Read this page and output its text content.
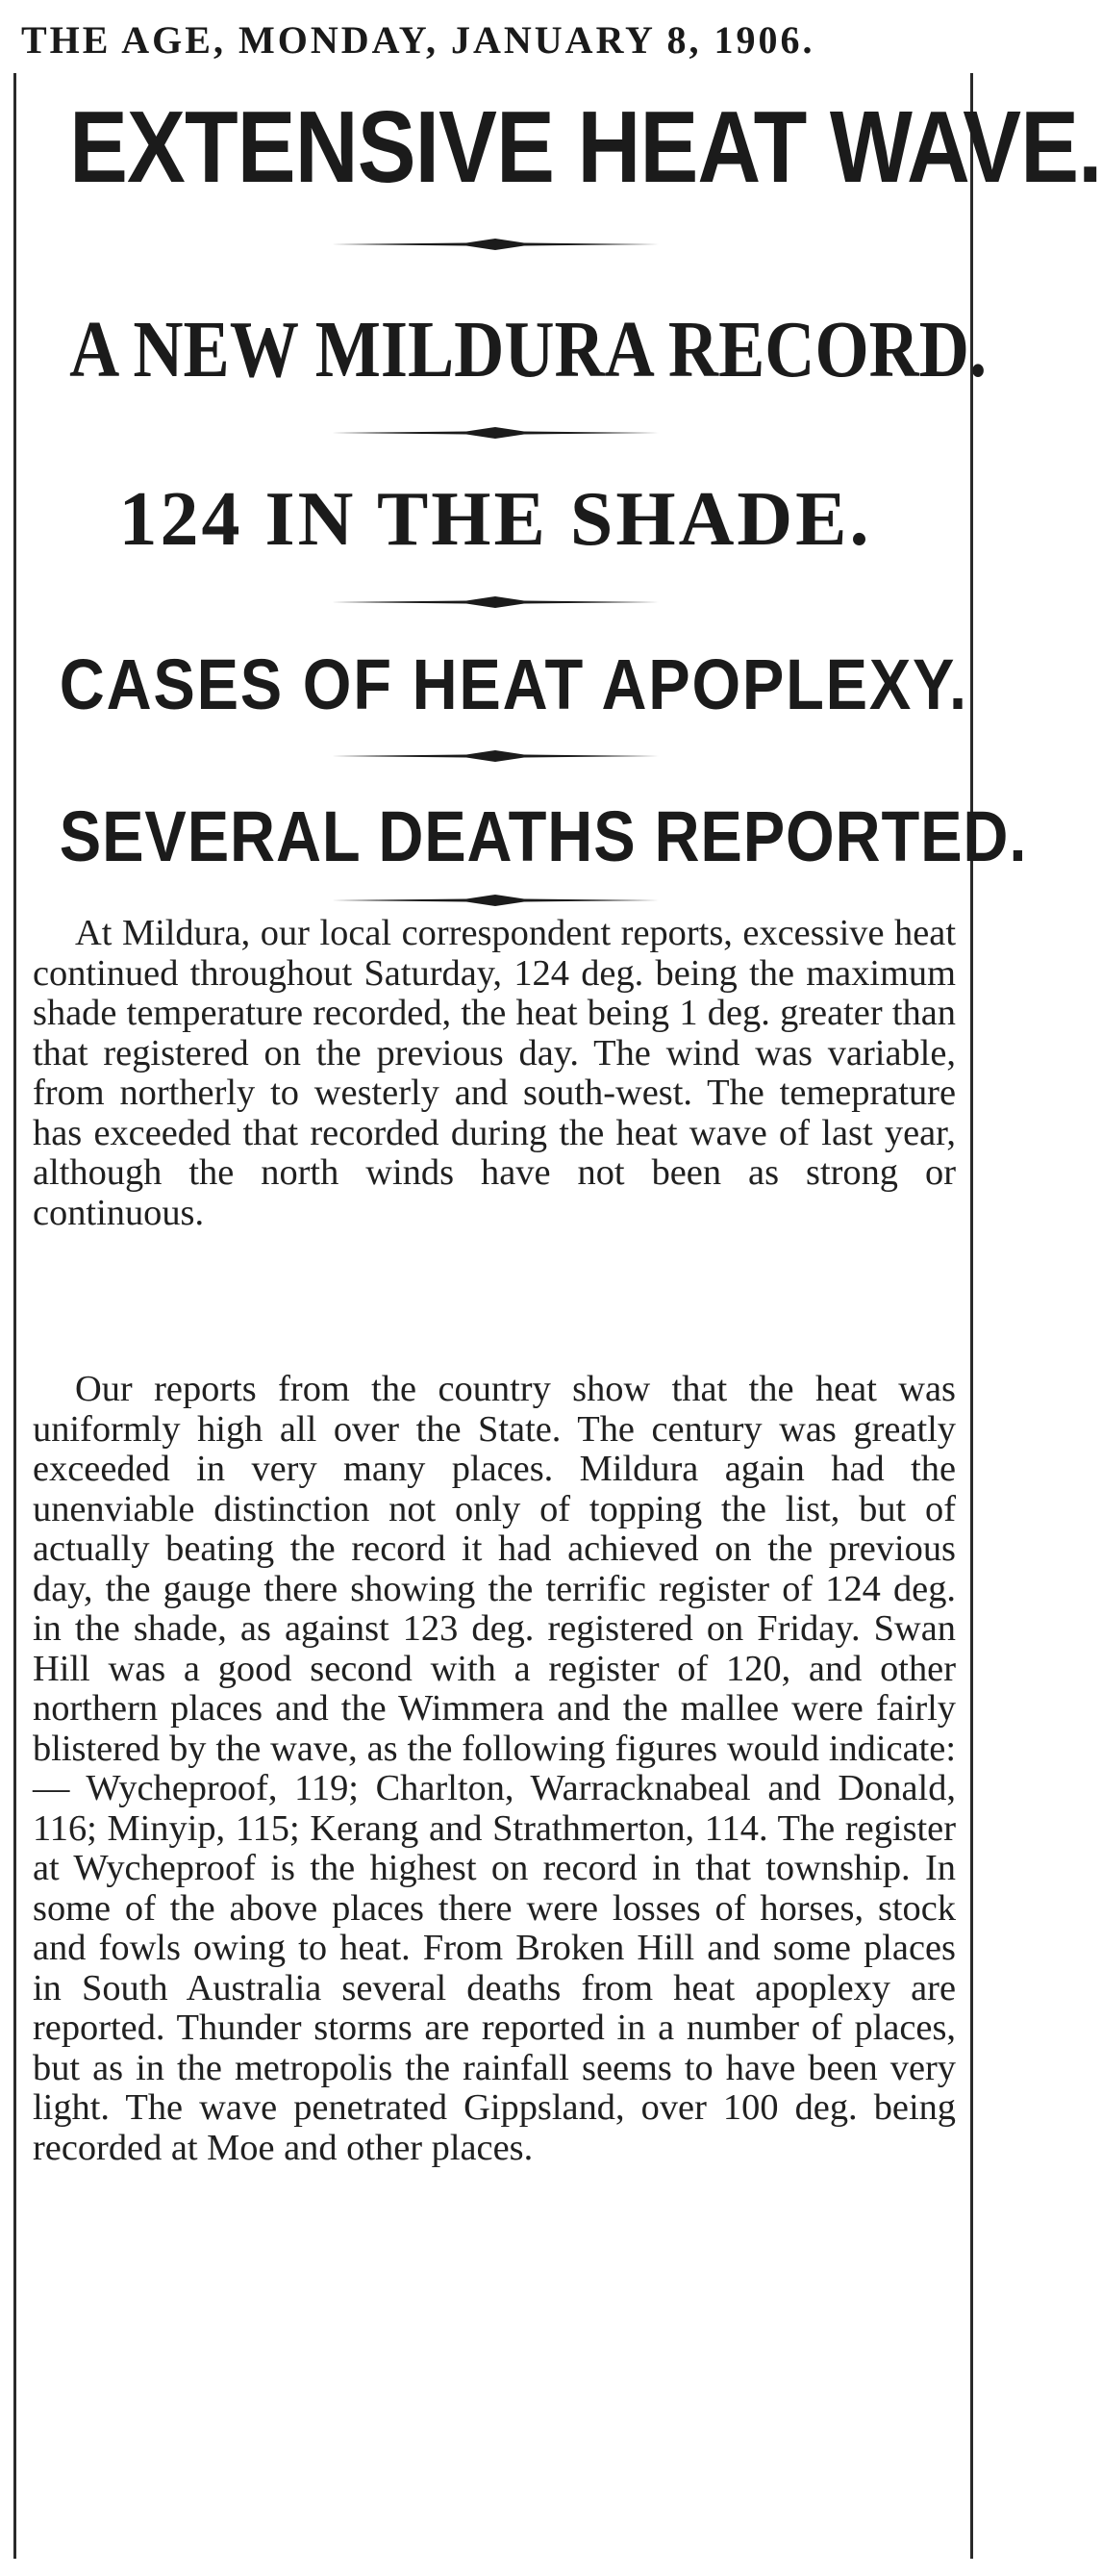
THE AGE, MONDAY, JANUARY 8, 1906.
EXTENSIVE HEAT WAVE.
A NEW MILDURA RECORD.
124 IN THE SHADE.
CASES OF HEAT APOPLEXY.
SEVERAL DEATHS REPORTED.

At Mildura, our local correspondent reports, excessive heat continued throughout Saturday, 124 deg. being the maximum shade temperature recorded, the heat being 1 deg. greater than that registered on the previous day. The wind was variable, from northerly to westerly and south-west. The temeprature has exceeded that recorded during the heat wave of last year, although the north winds have not been as strong or continuous.

Our reports from the country show that the heat was uniformly high all over the State. The century was greatly exceeded in very many places. Mildura again had the unenviable distinction not only of topping the list, but of actually beating the record it had achieved on the previous day, the gauge there showing the terrific register of 124 deg. in the shade, as against 123 deg. registered on Friday. Swan Hill was a good second with a register of 120, and other northern places and the Wimmera and the mallee were fairly blistered by the wave, as the following figures would indicate:— Wycheproof, 119; Charlton, Warracknabeal and Donald, 116; Minyip, 115; Kerang and Strathmerton, 114. The register at Wycheproof is the highest on record in that township. In some of the above places there were losses of horses, stock and fowls owing to heat. From Broken Hill and some places in South Australia several deaths from heat apoplexy are reported. Thunder storms are reported in a number of places, but as in the metropolis the rainfall seems to have been very light. The wave penetrated Gippsland, over 100 deg. being recorded at Moe and other places.
